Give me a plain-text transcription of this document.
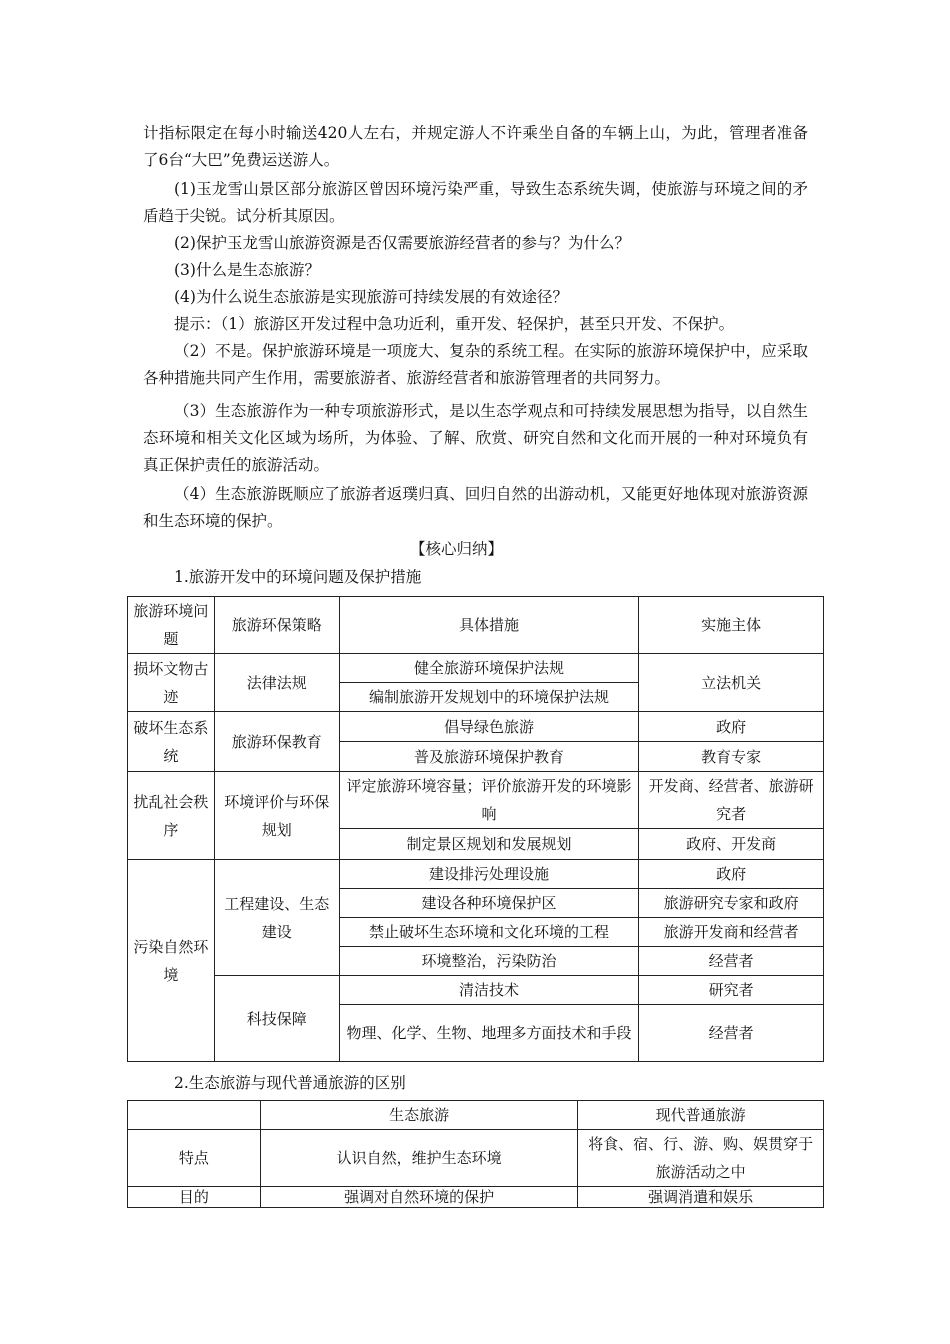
计指标限定在每小时输送420人左右，并规定游人不许乘坐自备的车辆上山，为此，管理者准备了6台“大巴”免费运送游人。

(1)玉龙雪山景区部分旅游区曾因环境污染严重，导致生态系统失调，使旅游与环境之间的矛盾趋于尖锐。试分析其原因。

(2)保护玉龙雪山旅游资源是否仅需要旅游经营者的参与？为什么？

(3)什么是生态旅游？

(4)为什么说生态旅游是实现旅游可持续发展的有效途径？

提示：（1）旅游区开发过程中急功近利，重开发、轻保护，甚至只开发、不保护。

（2）不是。保护旅游环境是一项庞大、复杂的系统工程。在实际的旅游环境保护中，应采取各种措施共同产生作用，需要旅游者、旅游经营者和旅游管理者的共同努力。

（3）生态旅游作为一种专项旅游形式，是以生态学观点和可持续发展思想为指导，以自然生态环境和相关文化区域为场所，为体验、了解、欣赏、研究自然和文化而开展的一种对环境负有真正保护责任的旅游活动。

（4）生态旅游既顺应了旅游者返璞归真、回归自然的出游动机，又能更好地体现对旅游资源和生态环境的保护。

【核心归纳】
1.旅游开发中的环境问题及保护措施
旅游环境问题	旅游环保策略	具体措施	实施主体
损坏文物古迹	法律法规	健全旅游环境保护法规	立法机关
		编制旅游开发规划中的环境保护法规	
破坏生态系统	旅游环保教育	倡导绿色旅游	政府
		普及旅游环境保护教育	教育专家
扰乱社会秩序	环境评价与环保规划	评定旅游环境容量；评价旅游开发的环境影响	开发商、经营者、旅游研究者
		制定景区规划和发展规划	政府、开发商
污染自然环境	工程建设、生态建设	建设排污处理设施	政府
		建设各种环境保护区	旅游研究专家和政府
		禁止破坏生态环境和文化环境的工程	旅游开发商和经营者
		环境整治，污染防治	经营者
	科技保障	清洁技术	研究者
		物理、化学、生物、地理多方面技术和手段	经营者
2.生态旅游与现代普通旅游的区别
	生态旅游	现代普通旅游
特点	认识自然，维护生态环境	将食、宿、行、游、购、娱贯穿于旅游活动之中
目的	强调对自然环境的保护	强调消遣和娱乐
